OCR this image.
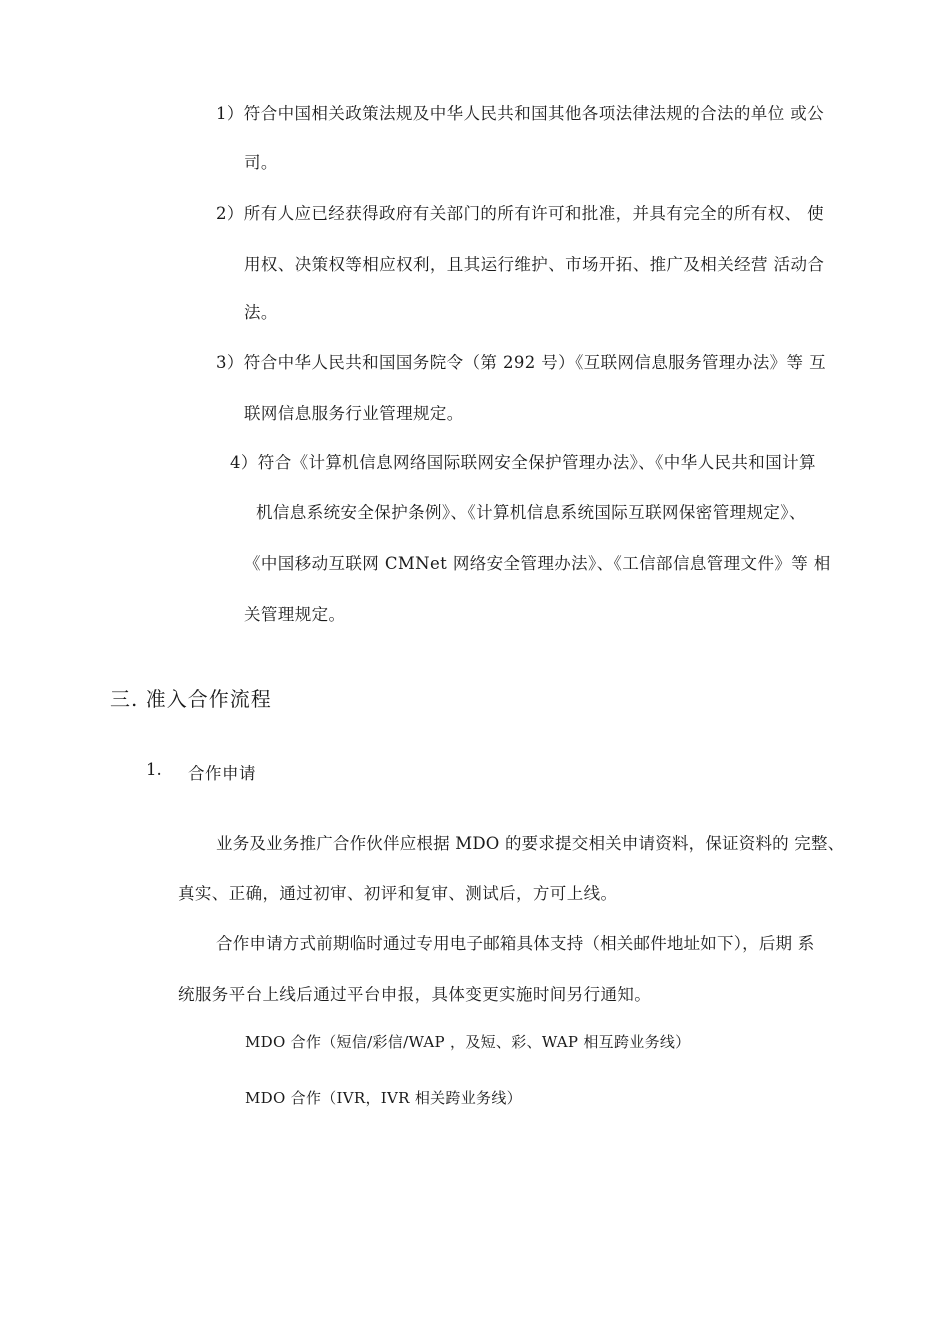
1）符合中国相关政策法规及中华人民共和国其他各项法律法规的合法的单位 或公
司。
2）所有人应已经获得政府有关部门的所有许可和批准，并具有完全的所有权、 使
用权、决策权等相应权利，且其运行维护、市场开拓、推广及相关经营 活动合
法。
3）符合中华人民共和国国务院令（第 292 号）《互联网信息服务管理办法》等 互
联网信息服务行业管理规定。
4）符合《计算机信息网络国际联网安全保护管理办法》、《中华人民共和国计算
机信息系统安全保护条例》、《计算机信息系统国际互联网保密管理规定》、
《中国移动互联网 CMNet 网络安全管理办法》、《工信部信息管理文件》等 相
关管理规定。
三. 准入合作流程
1. 合作申请
业务及业务推广合作伙伴应根据 MDO 的要求提交相关申请资料，保证资料的 完整、
真实、正确，通过初审、初评和复审、测试后，方可上线。
合作申请方式前期临时通过专用电子邮箱具体支持（相关邮件地址如下），后期 系
统服务平台上线后通过平台申报，具体变更实施时间另行通知。
MDO 合作（短信/彩信/WAP ，及短、彩、WAP 相互跨业务线）
MDO 合作（IVR，IVR 相关跨业务线）
